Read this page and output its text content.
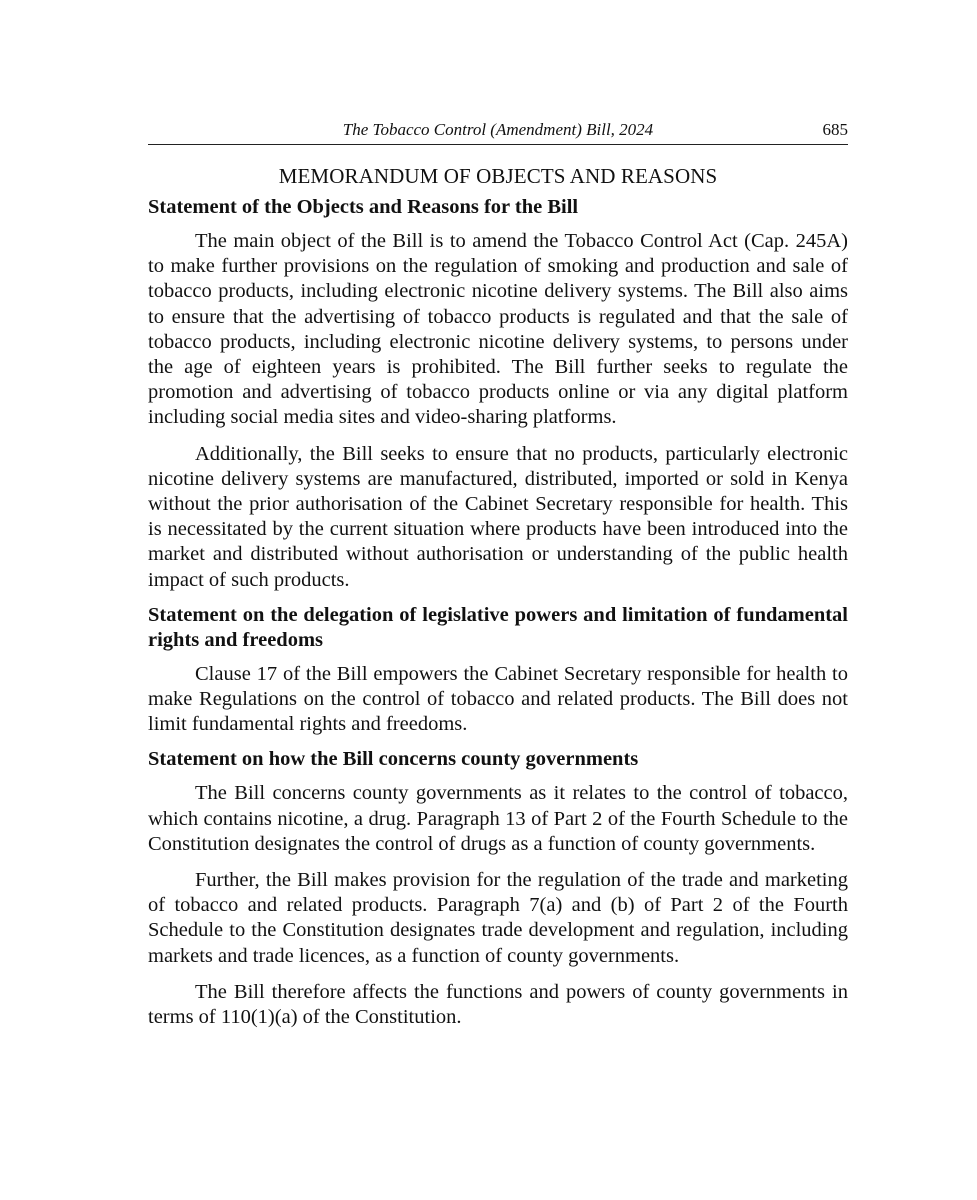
The Tobacco Control (Amendment) Bill, 2024	685
MEMORANDUM OF OBJECTS AND REASONS
Statement of the Objects and Reasons for the Bill

The main object of the Bill is to amend the Tobacco Control Act (Cap. 245A) to make further provisions on the regulation of smoking and production and sale of tobacco products, including electronic nicotine delivery systems. The Bill also aims to ensure that the advertising of tobacco products is regulated and that the sale of tobacco products, including electronic nicotine delivery systems, to persons under the age of eighteen years is prohibited. The Bill further seeks to regulate the promotion and advertising of tobacco products online or via any digital platform including social media sites and video-sharing platforms.

Additionally, the Bill seeks to ensure that no products, particularly electronic nicotine delivery systems are manufactured, distributed, imported or sold in Kenya without the prior authorisation of the Cabinet Secretary responsible for health. This is necessitated by the current situation where products have been introduced into the market and distributed without authorisation or understanding of the public health impact of such products.

Statement on the delegation of legislative powers and limitation of fundamental rights and freedoms

Clause 17 of the Bill empowers the Cabinet Secretary responsible for health to make Regulations on the control of tobacco and related products. The Bill does not limit fundamental rights and freedoms.

Statement on how the Bill concerns county governments

The Bill concerns county governments as it relates to the control of tobacco, which contains nicotine, a drug. Paragraph 13 of Part 2 of the Fourth Schedule to the Constitution designates the control of drugs as a function of county governments.

Further, the Bill makes provision for the regulation of the trade and marketing of tobacco and related products. Paragraph 7(a) and (b) of Part 2 of the Fourth Schedule to the Constitution designates trade development and regulation, including markets and trade licences, as a function of county governments.

The Bill therefore affects the functions and powers of county governments in terms of 110(1)(a) of the Constitution.
